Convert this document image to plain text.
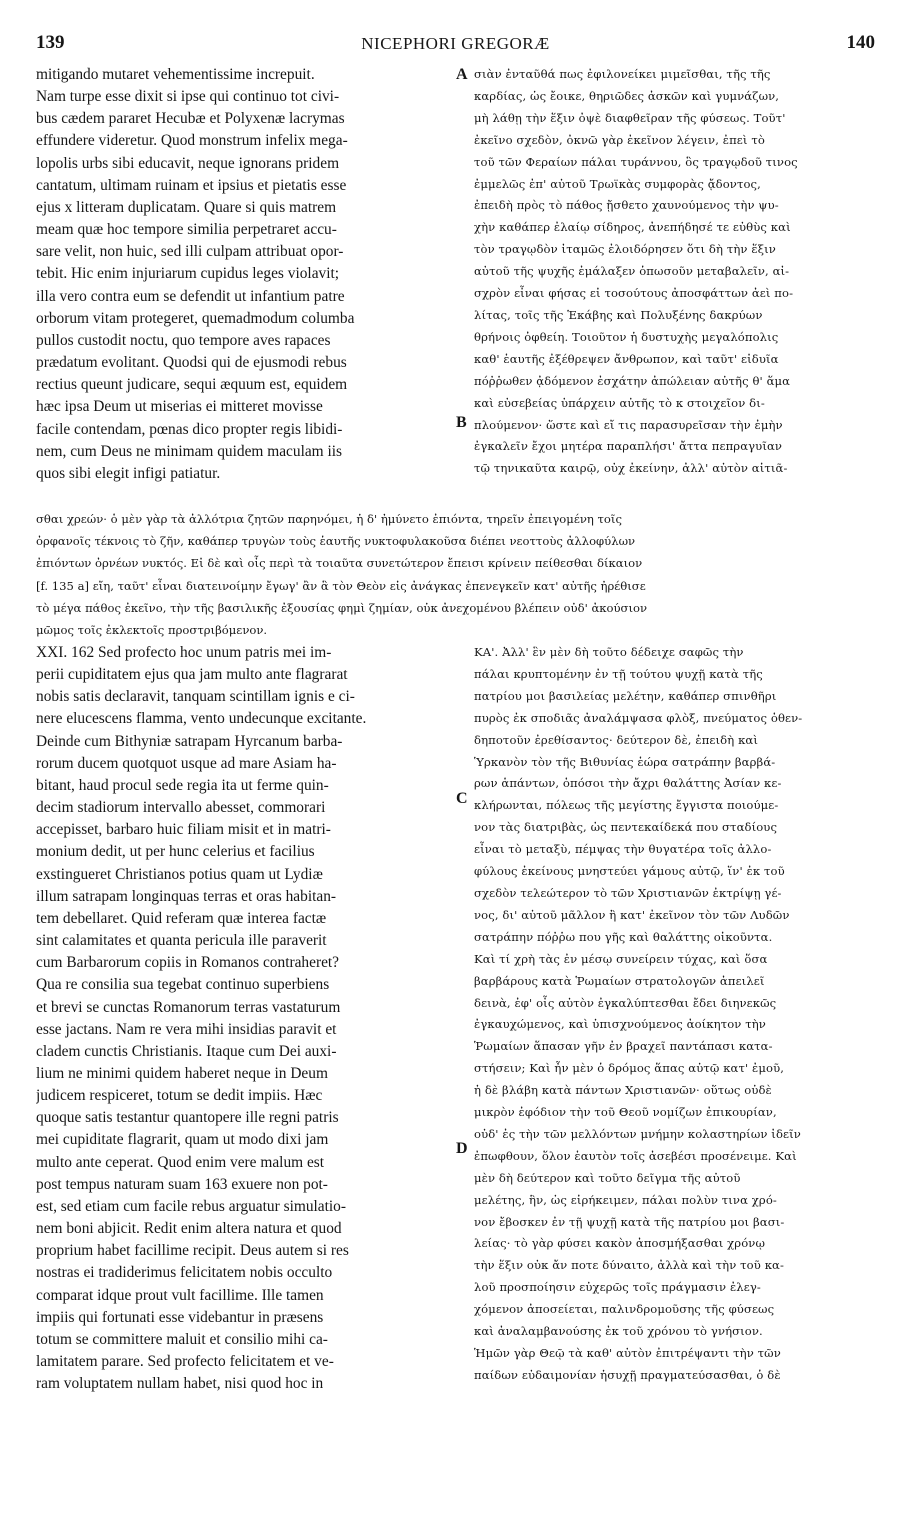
139	NICEPHORI GREGORÆ	140
mitigando mutaret vehementissime increpuit.
Nam turpe esse dixit si ipse qui continuo tot civi-
bus cædem pararet Hecubæ et Polyxenæ lacrymas
effundere videretur. Quod monstrum infelix mega-
lopolis urbs sibi educavit, neque ignorans pridem
cantatum, ultimam ruinam et ipsius et pietatis esse
ejus x litteram duplicatam. Quare si quis matrem
meam quæ hoc tempore similia perpetraret accu-
sare velit, non huic, sed illi culpam attribuat opor-
tebit. Hic enim injuriarum cupidus leges violavit;
illa vero contra eum se defendit ut infantium patre
orborum vitam protegeret, quemadmodum columba
pullos custodit noctu, quo tempore aves rapaces
prædatum evolitant. Quodsi qui de ejusmodi rebus
rectius queunt judicare, sequi æquum est, equidem
hæc ipsa Deum ut miserias ei mitteret movisse
facile contendam, pœnas dico propter regis libidi-
nem, cum Deus ne minimam quidem maculam iis
quos sibi elegit infigi patiatur.
σιὰν ἐνταῦθά πως ἐφιλονείκει μιμεῖσθαι, τῆς τῆς
καρδίας, ὡς ἔοικε, θηριῶδες ἀσκῶν καὶ γυμνάζων,
μὴ λάθῃ τὴν ἕξιν ὀψὲ διαφθεῖραν τῆς φύσεως. Τοῦτ'
ἐκεῖνο σχεδὸν, ὀκνῶ γὰρ ἐκεῖνον λέγειν, ἐπεὶ τὸ
τοῦ τῶν Φεραίων πάλαι τυράννου, ὃς τραγῳδοῦ τινος
ἐμμελῶς ἐπ' αὐτοῦ Τρωϊκὰς συμφορὰς ᾄδοντος,
ἐπειδὴ πρὸς τὸ πάθος ᾔσθετο χαυνούμενος τὴν ψυ-
χὴν καθάπερ ἐλαίῳ σίδηρος, ἀνεπήδησέ τε εὐθὺς καὶ
τὸν τραγῳδὸν ἰταμῶς ἐλοιδόρησεν ὅτι δὴ τὴν ἕξιν
αὐτοῦ τῆς ψυχῆς ἐμάλαξεν ὁπωσοῦν μεταβαλεῖν, αἰ-
σχρὸν εἶναι φήσας εἰ τοσούτους ἀποσφάττων ἀεὶ πο-
λίτας, τοῖς τῆς Ἑκάβης καὶ Πολυξένης δακρύων
θρήνοις ὀφθείη. Τοιοῦτον ἡ δυστυχὴς μεγαλόπολις
καθ' ἑαυτῆς ἐξέθρεψεν ἄνθρωπον, καὶ ταῦτ' εἰδυῖα
πόῤῥωθεν ᾀδόμενον ἐσχάτην ἀπώλειαν αὐτῆς θ' ἅμα
καὶ εὐσεβείας ὑπάρχειν αὐτῆς τὸ κ στοιχεῖον δι-
πλούμενον· ὥστε καὶ εἴ τις παρασυρεῖσαν τὴν ἐμὴν
ἐγκαλεῖν ἔχοι μητέρα παραπλήσι' ἄττα πεπραγυῖαν
τῷ τηνικαῦτα καιρῷ, οὐχ ἐκείνην, ἀλλ' αὐτὸν αἰτιᾶ-
σθαι χρεών· ὁ μὲν γὰρ τὰ ἀλλότρια ζητῶν παρηνόμει, ἡ δ' ἠμύνετο ἐπιόντα, τηρεῖν ἐπειγομένη τοῖς
ὀρφανοῖς τέκνοις τὸ ζῆν, καθάπερ τρυγὼν τοὺς ἑαυτῆς νυκτοφυλακοῦσα διέπει νεοττοὺς ἀλλοφύλων
ἐπιόντων ὀρνέων νυκτός. Εἰ δὲ καὶ οἷς περὶ τὰ τοιαῦτα συνετώτερον ἔπεισι κρίνειν πείθεσθαι δίκαιον
[f. 135 a] εἴη, ταῦτ' εἶναι διατεινοίμην ἔγωγ' ἂν ἃ τὸν Θεὸν εἰς ἀνάγκας ἐπενεγκεῖν κατ' αὐτῆς ἠρέθισε
τὸ μέγα πάθος ἐκεῖνο, τὴν τῆς βασιλικῆς ἐξουσίας φημὶ ζημίαν, οὐκ ἀνεχομένου βλέπειν οὐδ' ἀκούσιον
μῶμος τοῖς ἐκλεκτοῖς προστριβόμενον.
XXI. 162 Sed profecto hoc unum patris mei im-
perii cupiditatem ejus qua jam multo ante flagrarat
nobis satis declaravit, tanquam scintillam ignis e ci-
nere elucescens flamma, vento undecunque excitante.
Deinde cum Bithyniæ satrapam Hyrcanum barba-
rorum ducem quotquot usque ad mare Asiam ha-
bitant, haud procul sede regia ita ut ferme quin-
decim stadiorum intervallo abesset, commorari
accepisset, barbaro huic filiam misit et in matri-
monium dedit, ut per hunc celerius et facilius
exstingueret Christianos potius quam ut Lydiæ
illum satrapam longinquas terras et oras habitan-
tem debellaret. Quid referam quæ interea factæ
sint calamitates et quanta pericula ille paraverit
cum Barbarorum copiis in Romanos contraheret?
Qua re consilia sua tegebat continuo superbiens
et brevi se cunctas Romanorum terras vastaturum
esse jactans. Nam re vera mihi insidias paravit et
cladem cunctis Christianis. Itaque cum Dei auxi-
lium ne minimi quidem haberet neque in Deum
judicem respiceret, totum se dedit impiis. Hæc
quoque satis testantur quantopere ille regni patris
mei cupiditate flagrarit, quam ut modo dixi jam
multo ante ceperat. Quod enim vere malum est
post tempus naturam suam 163 exuere non pot-
est, sed etiam cum facile rebus arguatur simulatio-
nem boni abjicit. Redit enim altera natura et quod
proprium habet facillime recipit. Deus autem si res
nostras ei tradiderimus felicitatem nobis occulto
comparat idque prout vult facillime. Ille tamen
impiis qui fortunati esse videbantur in præsens
totum se committere maluit et consilio mihi ca-
lamitatem parare. Sed profecto felicitatem et ve-
ram voluptatem nullam habet, nisi quod hoc in
ΚΑ'. Ἀλλ' ἓν μὲν δὴ τοῦτο δέδειχε σαφῶς τὴν
πάλαι κρυπτομένην ἐν τῇ τούτου ψυχῇ κατὰ τῆς
πατρίου μοι βασιλείας μελέτην, καθάπερ σπινθῆρι
πυρὸς ἐκ σποδιᾶς ἀναλάμψασα φλὸξ, πνεύματος ὁθεν-
δηποτοῦν ἐρεθίσαντος· δεύτερον δὲ, ἐπειδὴ καὶ
Ὑρκανὸν τὸν τῆς Βιθυνίας ἑώρα σατράπην βαρβά-
ρων ἁπάντων, ὁπόσοι τὴν ἄχρι θαλάττης Ἀσίαν κε-
κλήρωνται, πόλεως τῆς μεγίστης ἔγγιστα ποιούμε-
νον τὰς διατριβὰς, ὡς πεντεκαίδεκά που σταδίους
εἶναι τὸ μεταξὺ, πέμψας τὴν θυγατέρα τοῖς ἀλλο-
φύλους ἐκείνους μνηστεύει γάμους αὐτῷ, ἵν' ἐκ τοῦ
σχεδὸν τελεώτερον τὸ τῶν Χριστιανῶν ἐκτρίψῃ γέ-
νος, δι' αὐτοῦ μᾶλλον ἢ κατ' ἐκεῖνον τὸν τῶν Λυδῶν
σατράπην πόῤῥω που γῆς καὶ θαλάττης οἰκοῦντα.
Καὶ τί χρὴ τὰς ἐν μέσῳ συνείρειν τύχας, καὶ ὅσα
βαρβάρους κατὰ Ῥωμαίων στρατολογῶν ἀπειλεῖ
δεινὰ, ἐφ' οἷς αὐτὸν ἐγκαλύπτεσθαι ἔδει διηνεκῶς
ἐγκαυχώμενος, καὶ ὑπισχνούμενος ἀοίκητον τὴν
Ῥωμαίων ἅπασαν γῆν ἐν βραχεῖ παντάπασι κατα-
στήσειν; Καὶ ἦν μὲν ὁ δρόμος ἅπας αὐτῷ κατ' ἐμοῦ,
ἡ δὲ βλάβη κατὰ πάντων Χριστιανῶν· οὕτως οὐδὲ
μικρὸν ἐφόδιον τὴν τοῦ Θεοῦ νομίζων ἐπικουρίαν,
οὐδ' ἐς τὴν τῶν μελλόντων μνήμην κολαστηρίων ἰδεῖν
ἐπωφθουν, ὅλον ἑαυτὸν τοῖς ἀσεβέσι προσένειμε. Καὶ
μὲν δὴ δεύτερον καὶ τοῦτο δεῖγμα τῆς αὐτοῦ
μελέτης, ἣν, ὡς εἰρήκειμεν, πάλαι πολὺν τινα χρό-
νον ἔβοσκεν ἐν τῇ ψυχῇ κατὰ τῆς πατρίου μοι βασι-
λείας· τὸ γὰρ φύσει κακὸν ἀποσμήξασθαι χρόνῳ
τὴν ἕξιν οὐκ ἄν ποτε δύναιτο, ἀλλὰ καὶ τὴν τοῦ κα-
λοῦ προσποίησιν εὐχερῶς τοῖς πράγμασιν ἐλεγ-
χόμενον ἀποσείεται, παλινδρομοῦσης τῆς φύσεως
καὶ ἀναλαμβανούσης ἐκ τοῦ χρόνου τὸ γνήσιον.
Ἡμῶν γὰρ Θεῷ τὰ καθ' αὑτὸν ἐπιτρέψαντι τὴν τῶν
παίδων εὐδαιμονίαν ἡσυχῇ πραγματεύσασθαι, ὁ δὲ
A
B
C
D
